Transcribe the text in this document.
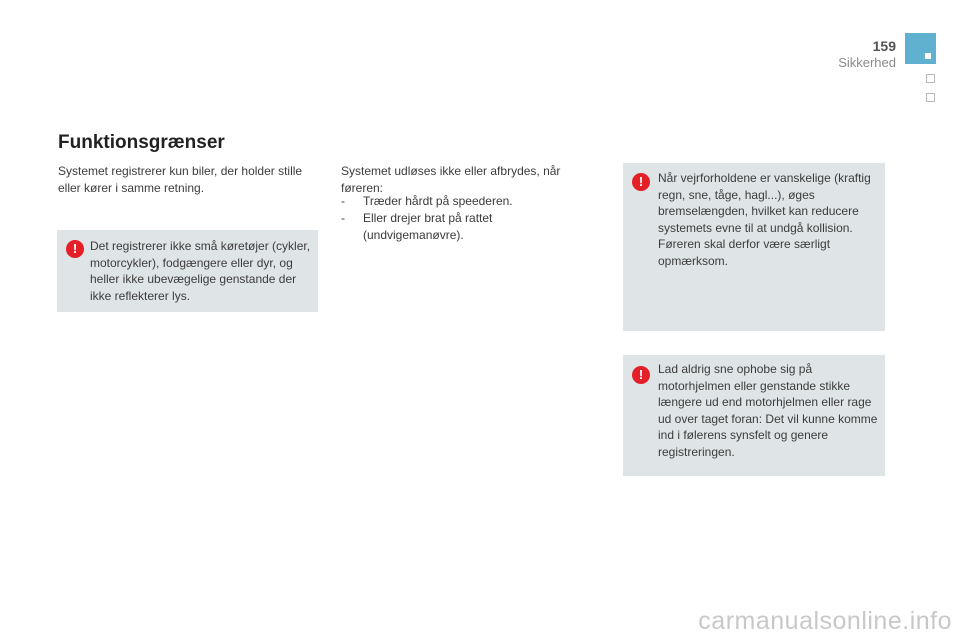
159
Sikkerhed
Funktionsgrænser

Systemet registrerer kun biler, der holder stille eller kører i samme retning.

!	Det registrerer ikke små køretøjer (cykler, motorcykler), fodgængere eller dyr, og heller ikke ubevægelige genstande der ikke reflekterer lys.

Systemet udløses ikke eller afbrydes, når føreren:

- Træder hårdt på speederen.
- Eller drejer brat på rattet (undvigemanøvre).
!	Når vejrforholdene er vanskelige (kraftig regn, sne, tåge, hagl...), øges bremselængden, hvilket kan reducere systemets evne til at undgå kollision. Føreren skal derfor være særligt opmærksom.

!	Lad aldrig sne ophobe sig på motorhjelmen eller genstande stikke længere ud end motorhjelmen eller rage ud over taget foran: Det vil kunne komme ind i følerens synsfelt og genere registreringen.

carmanualsonline.info
